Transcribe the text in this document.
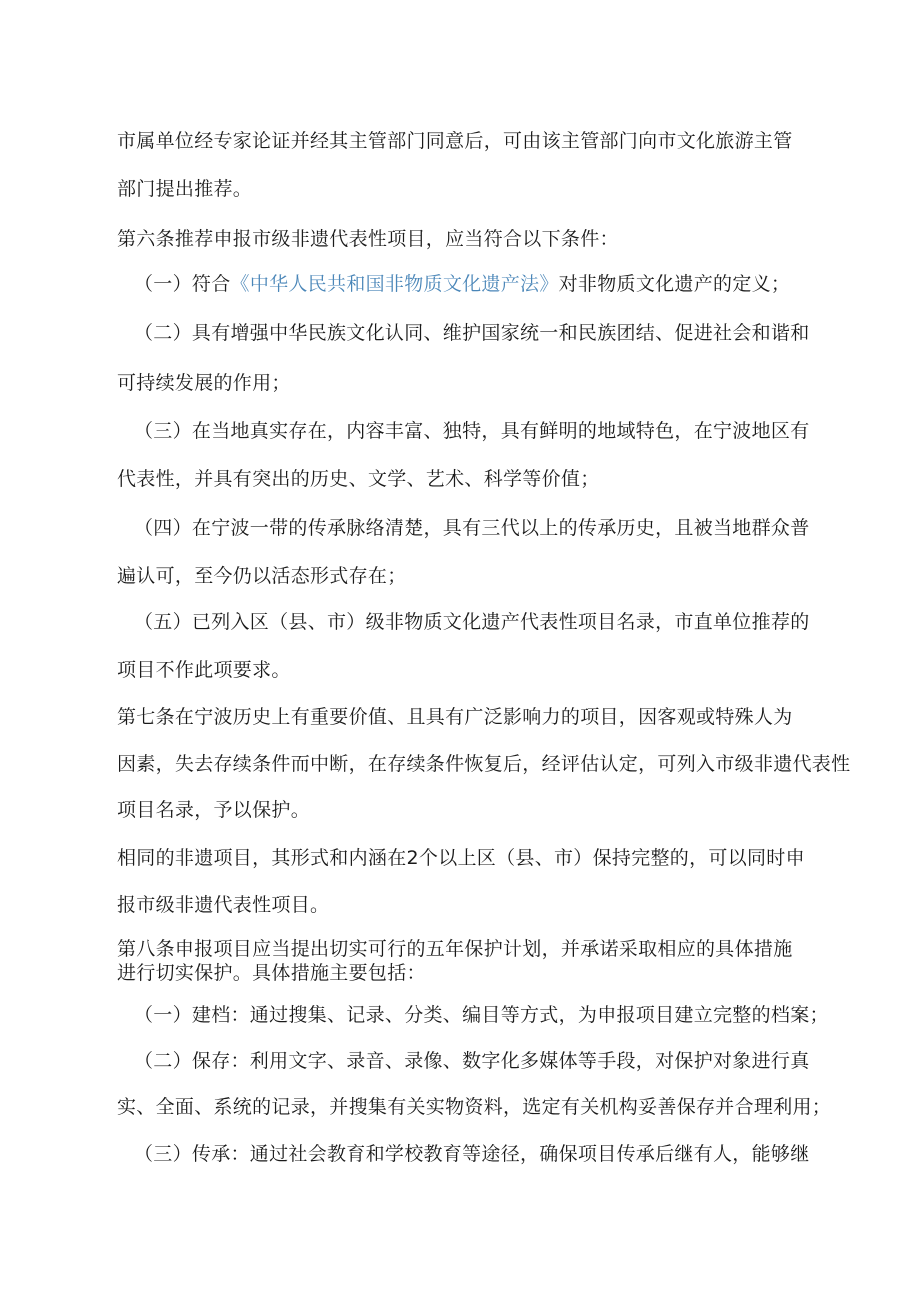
市属单位经专家论证并经其主管部门同意后，可由该主管部门向市文化旅游主管
部门提出推荐。
第六条推荐申报市级非遗代表性项目，应当符合以下条件：
（一）符合《中华人民共和国非物质文化遗产法》对非物质文化遗产的定义；
（二）具有增强中华民族文化认同、维护国家统一和民族团结、促进社会和谐和
可持续发展的作用；
（三）在当地真实存在，内容丰富、独特，具有鲜明的地域特色，在宁波地区有
代表性，并具有突出的历史、文学、艺术、科学等价值；
（四）在宁波一带的传承脉络清楚，具有三代以上的传承历史，且被当地群众普
遍认可，至今仍以活态形式存在；
（五）已列入区（县、市）级非物质文化遗产代表性项目名录，市直单位推荐的
项目不作此项要求。
第七条在宁波历史上有重要价值、且具有广泛影响力的项目，因客观或特殊人为
因素，失去存续条件而中断，在存续条件恢复后，经评估认定，可列入市级非遗代表性
项目名录，予以保护。
相同的非遗项目，其形式和内涵在2个以上区（县、市）保持完整的，可以同时申
报市级非遗代表性项目。
第八条申报项目应当提出切实可行的五年保护计划，并承诺采取相应的具体措施
进行切实保护。具体措施主要包括：
（一）建档：通过搜集、记录、分类、编目等方式，为申报项目建立完整的档案；
（二）保存：利用文字、录音、录像、数字化多媒体等手段，对保护对象进行真
实、全面、系统的记录，并搜集有关实物资料，选定有关机构妥善保存并合理利用；
（三）传承：通过社会教育和学校教育等途径，确保项目传承后继有人，能够继
